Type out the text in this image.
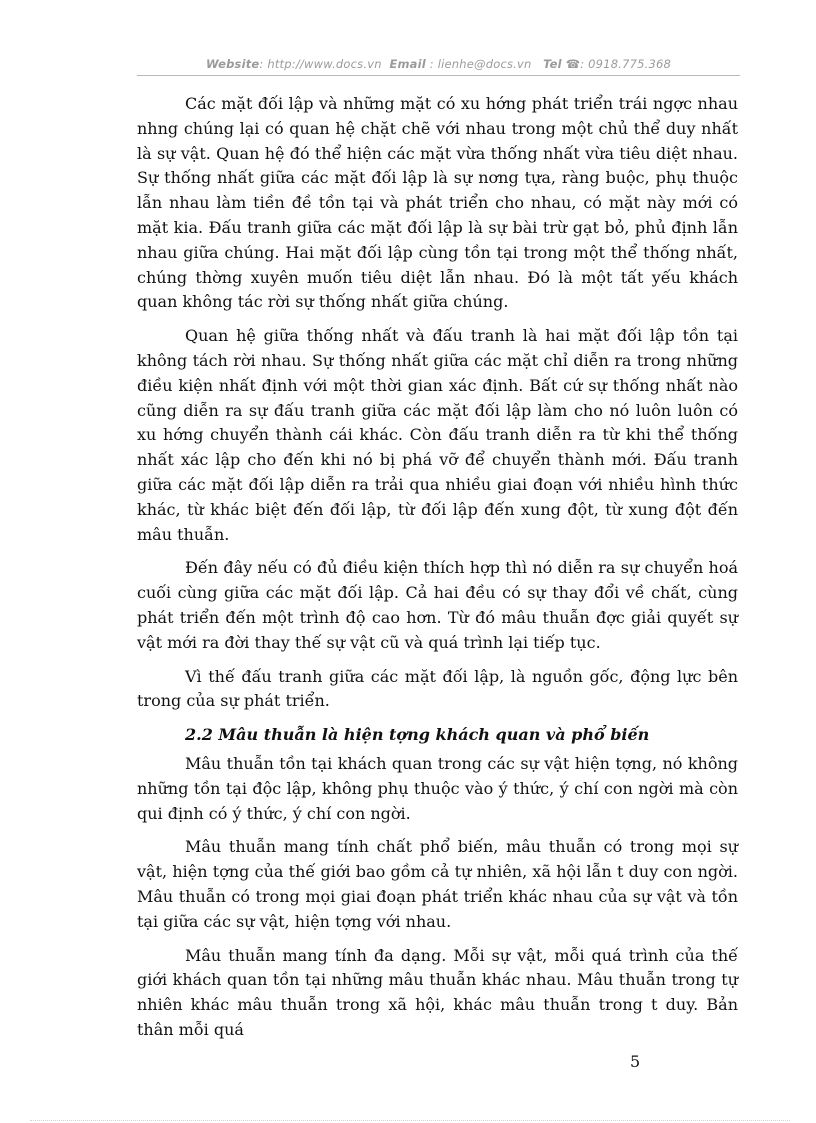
Website: http://www.docs.vn Email : lienhe@docs.vn Tel ☎: 0918.775.368

Các mặt đối lập và những mặt có xu hớng phát triển trái ngợc nhau nhng chúng lại có quan hệ chặt chẽ với nhau trong một chủ thể duy nhất là sự vật. Quan hệ đó thể hiện các mặt vừa thống nhất vừa tiêu diệt nhau. Sự thống nhất giữa các mặt đối lập là sự nơng tựa, ràng buộc, phụ thuộc lẫn nhau làm tiền đề tồn tại và phát triển cho nhau, có mặt này mới có mặt kia. Đấu tranh giữa các mặt đối lập là sự bài trừ gạt bỏ, phủ định lẫn nhau giữa chúng. Hai mặt đối lập cùng tồn tại trong một thể thống nhất, chúng thờng xuyên muốn tiêu diệt lẫn nhau. Đó là một tất yếu khách quan không tác rời sự thống nhất giữa chúng.

Quan hệ giữa thống nhất và đấu tranh là hai mặt đối lập tồn tại không tách rời nhau. Sự thống nhất giữa các mặt chỉ diễn ra trong những điều kiện nhất định với một thời gian xác định. Bất cứ sự thống nhất nào cũng diễn ra sự đấu tranh giữa các mặt đối lập làm cho nó luôn luôn có xu hớng chuyển thành cái khác. Còn đấu tranh diễn ra từ khi thể thống nhất xác lập cho đến khi nó bị phá vỡ để chuyển thành mới. Đấu tranh giữa các mặt đối lập diễn ra trải qua nhiều giai đoạn với nhiều hình thức khác, từ khác biệt đến đối lập, từ đối lập đến xung đột, từ xung đột đến mâu thuẫn.

Đến đây nếu có đủ điều kiện thích hợp thì nó diễn ra sự chuyển hoá cuối cùng giữa các mặt đối lập. Cả hai đều có sự thay đổi về chất, cùng phát triển đến một trình độ cao hơn. Từ đó mâu thuẫn đợc giải quyết sự vật mới ra đời thay thế sự vật cũ và quá trình lại tiếp tục.

Vì thế đấu tranh giữa các mặt đối lập, là nguồn gốc, động lực bên trong của sự phát triển.

2.2 Mâu thuẫn là hiện tợng khách quan và phổ biến

Mâu thuẫn tồn tại khách quan trong các sự vật hiện tợng, nó không những tồn tại độc lập, không phụ thuộc vào ý thức, ý chí con ngời mà còn qui định có ý thức, ý chí con ngời.

Mâu thuẫn mang tính chất phổ biến, mâu thuẫn có trong mọi sự vật, hiện tợng của thế giới bao gồm cả tự nhiên, xã hội lẫn t duy con ngời. Mâu thuẫn có trong mọi giai đoạn phát triển khác nhau của sự vật và tồn tại giữa các sự vật, hiện tợng với nhau.

Mâu thuẫn mang tính đa dạng. Mỗi sự vật, mỗi quá trình của thế giới khách quan tồn tại những mâu thuẫn khác nhau. Mâu thuẫn trong tự nhiên khác mâu thuẫn trong xã hội, khác mâu thuẫn trong t duy. Bản thân mỗi quá

5
